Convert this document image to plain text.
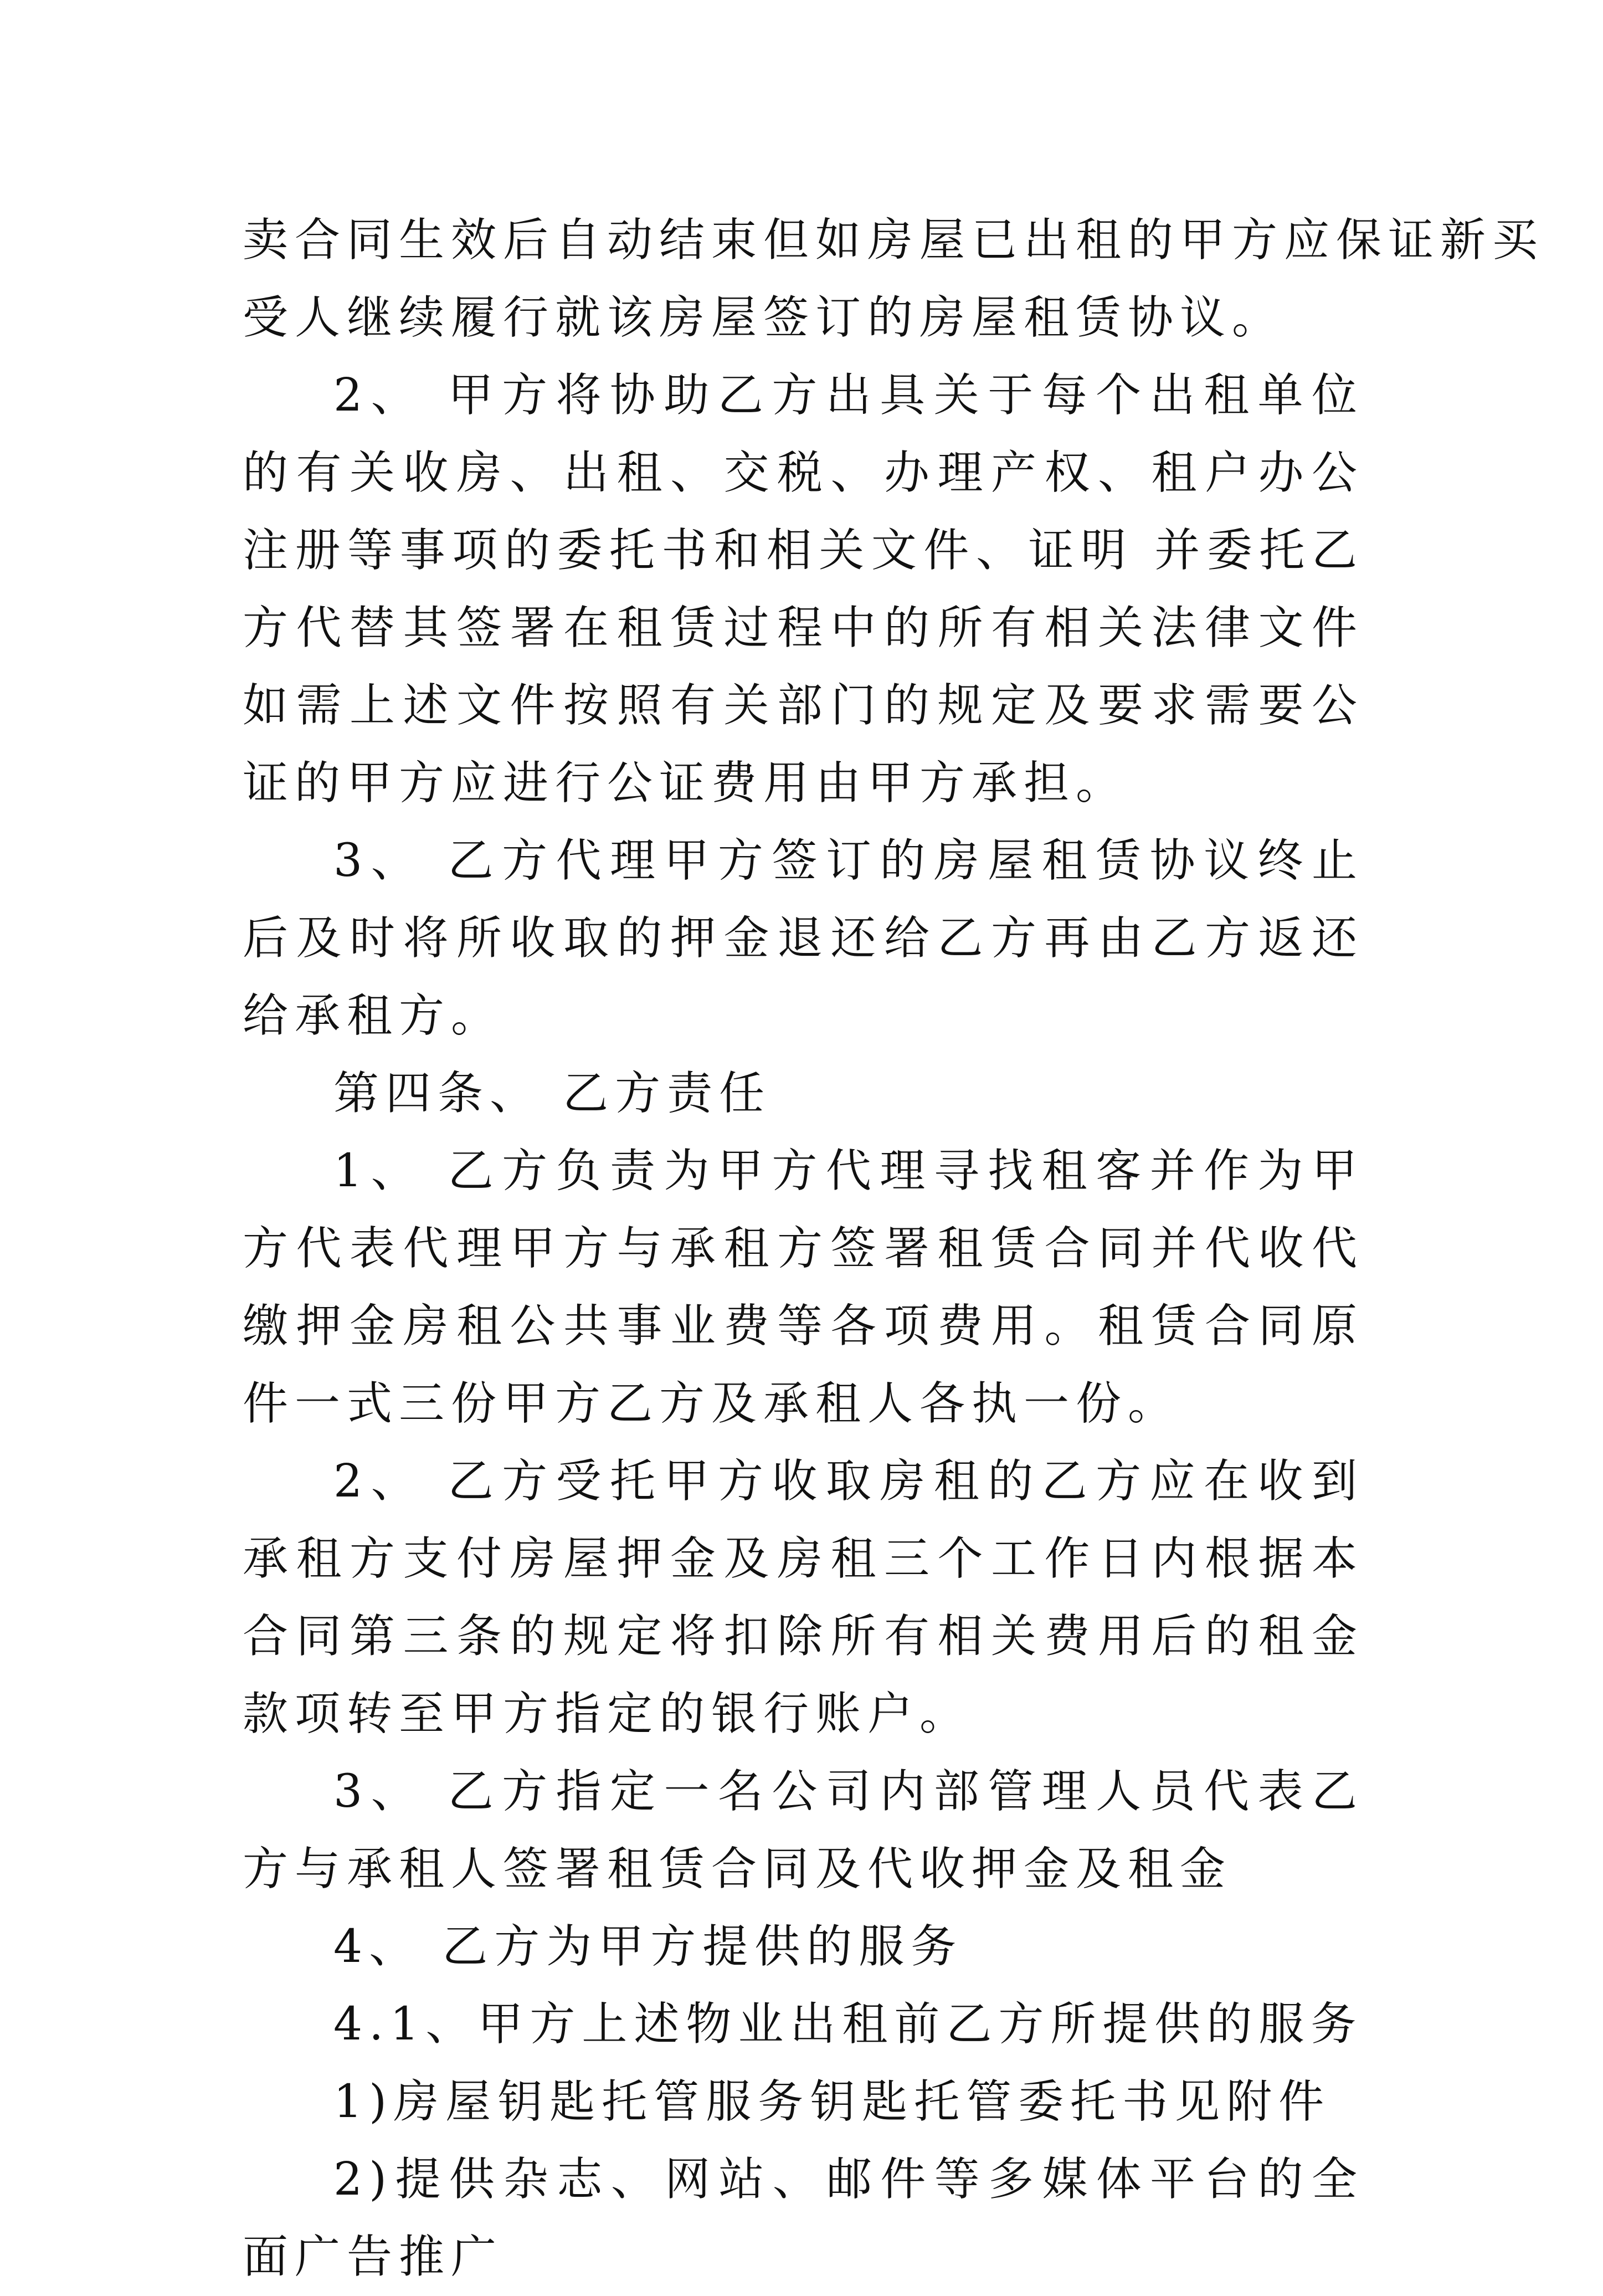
卖合同生效后自动结束但如房屋已出租的甲方应保证新买
受人继续履行就该房屋签订的房屋租赁协议。

2、 甲方将协助乙方出具关于每个出租单位的有关收房、出租、交税、办理产权、租户办公注册等事项的委托书和相关文件、证明 并委托乙方代替其签署在租赁过程中的所有相关法律文件如需上述文件按照有关部门的规定及要求需要公证的甲方应进行公证费用由甲方承担。

3、 乙方代理甲方签订的房屋租赁协议终止后及时将所收取的押金退还给乙方再由乙方返还给承租方。

第四条、 乙方责任

1、 乙方负责为甲方代理寻找租客并作为甲方代表代理甲方与承租方签署租赁合同并代收代缴押金房租公共事业费等各项费用。租赁合同原件一式三份甲方乙方及承租人各执一份。

2、 乙方受托甲方收取房租的乙方应在收到承租方支付房屋押金及房租三个工作日内根据本合同第三条的规定将扣除所有相关费用后的租金款项转至甲方指定的银行账户。

3、 乙方指定一名公司内部管理人员代表乙方与承租人签署租赁合同及代收押金及租金

4、 乙方为甲方提供的服务

4.1、甲方上述物业出租前乙方所提供的服务

1)房屋钥匙托管服务钥匙托管委托书见附件

2)提供杂志、网站、邮件等多媒体平台的全面广告推广
